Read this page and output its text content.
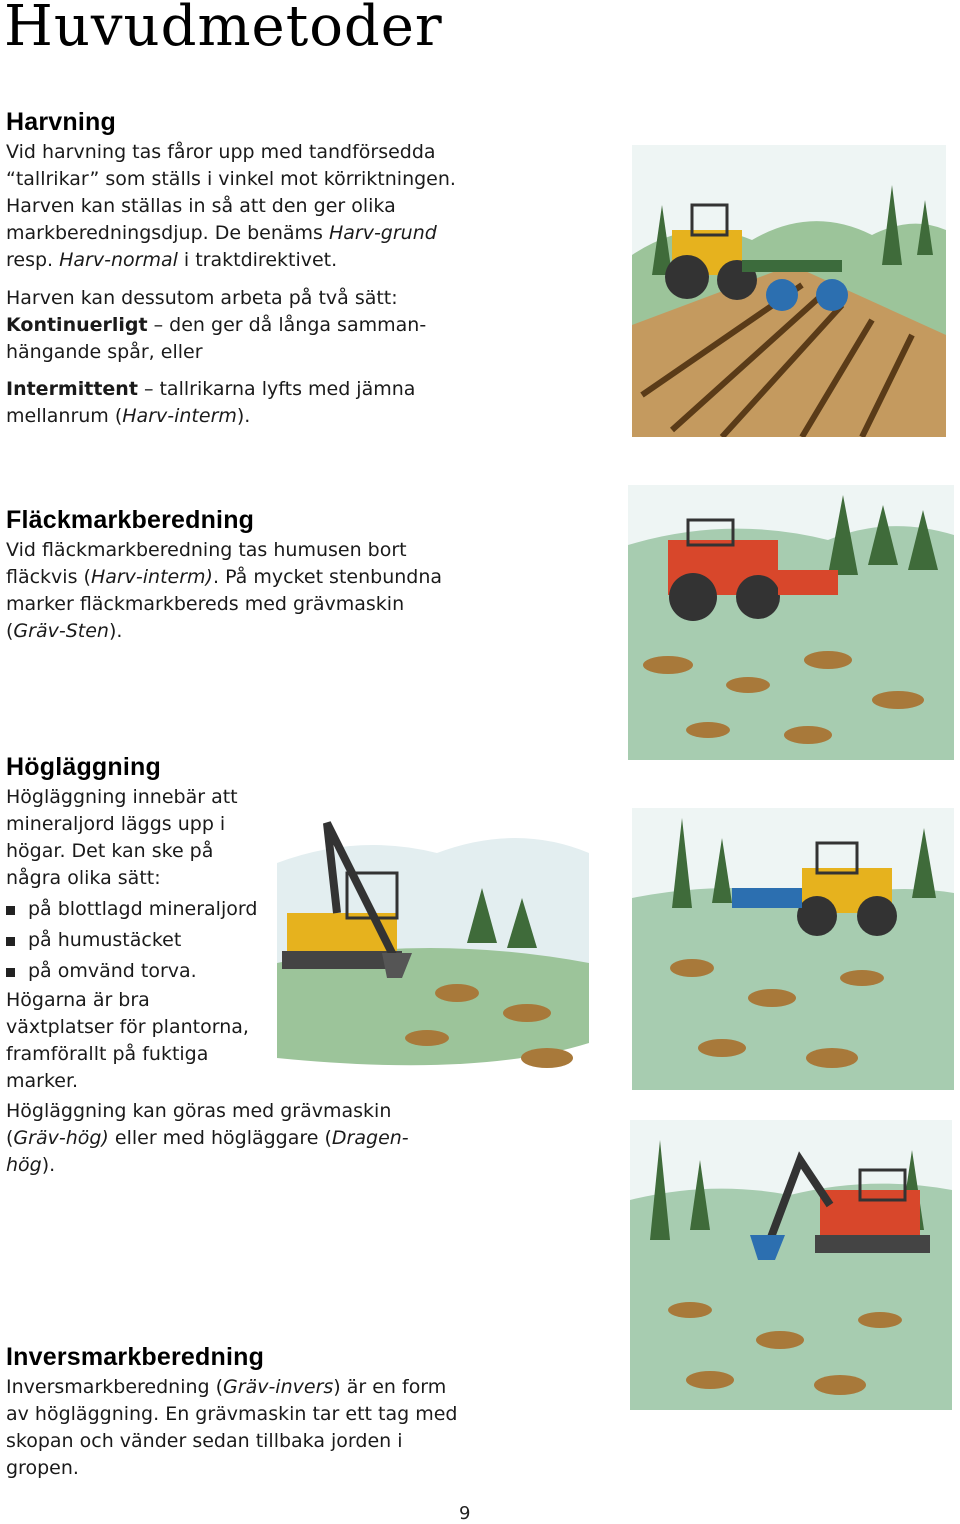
Huvudmetoder
Harvning

Vid harvning tas fåror upp med tandförsedda “tallrikar” som ställs i vinkel mot körriktningen. Harven kan ställas in så att den ger olika markberedningsdjup. De benäms Harv-grund resp. Harv-normal i traktdirektivet.

Harven kan dessutom arbeta på två sätt:

Kontinuerligt – den ger då långa sammanhängande spår, eller

Intermittent – tallrikarna lyfts med jämna mellanrum (Harv-interm).

Fläckmarkberedning

Vid fläckmarkberedning tas humusen bort fläckvis (Harv-interm). På mycket stenbundna marker fläckmarkbereds med grävmaskin (Gräv-Sten).

Högläggning

Högläggning innebär att mineraljord läggs upp i högar. Det kan ske på några olika sätt:

på blottlagd mineraljord
på humustäcket
på omvänd torva.

Högarna är bra växtplatser för plantorna, framförallt på fuktiga marker.

Högläggning kan göras med grävmaskin (Gräv-hög) eller med högläggare (Dragen-hög).

Inversmarkberedning

Inversmarkberedning (Gräv-invers) är en form av högläggning. En grävmaskin tar ett tag med skopan och vänder sedan tillbaka jorden i gropen.

9
